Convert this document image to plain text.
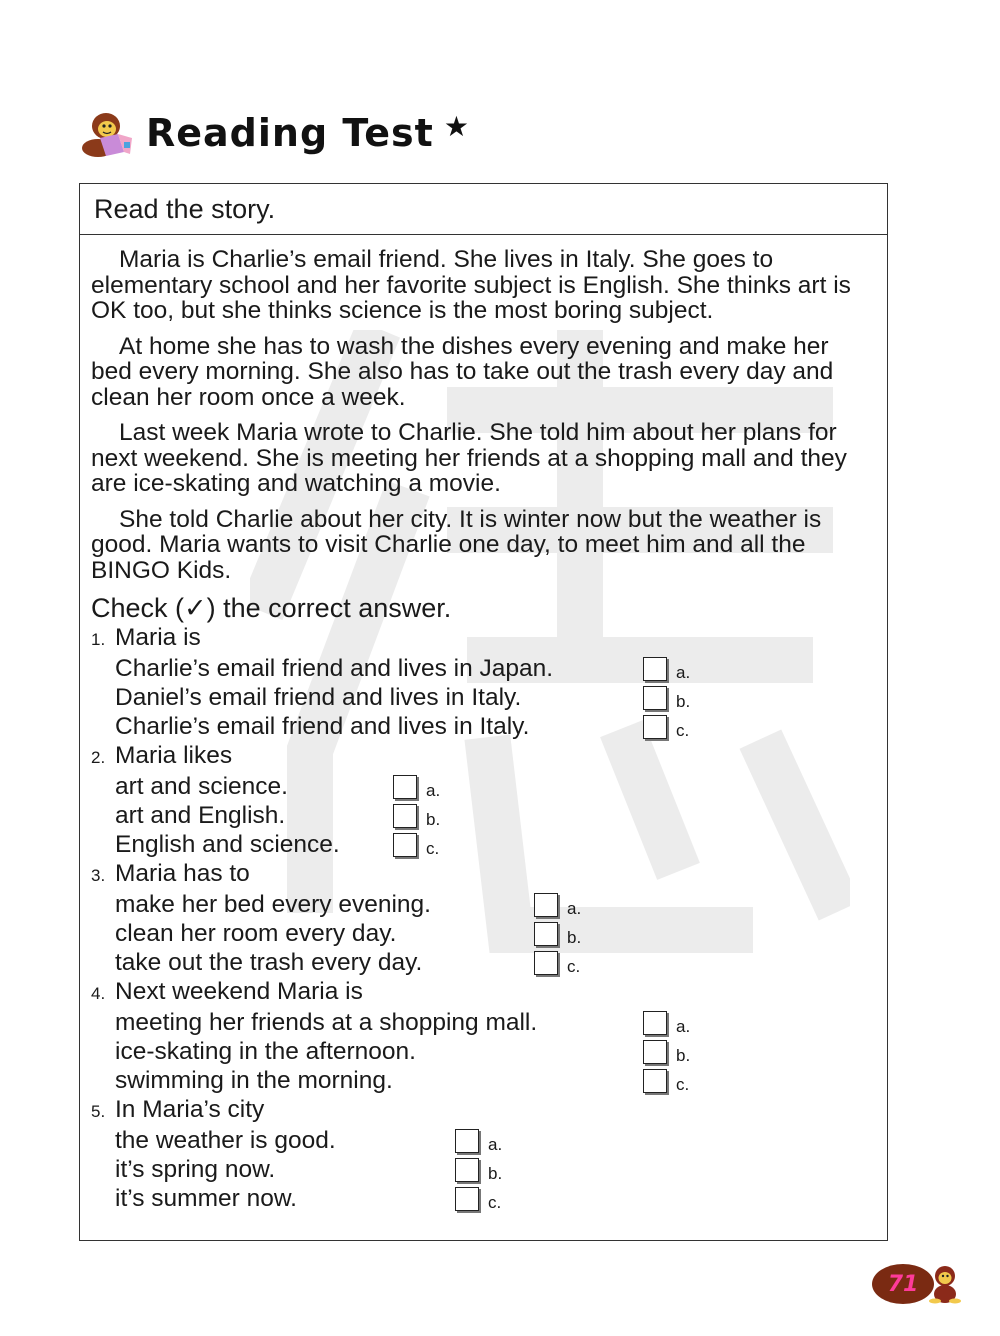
Reading Test ★
Read the story.

Maria is Charlie’s email friend. She lives in Italy. She goes to elementary school and her favorite subject is English. She thinks art is OK too, but she thinks science is the most boring subject.

At home she has to wash the dishes every evening and make her bed every morning. She also has to take out the trash every day and clean her room once a week.

Last week Maria wrote to Charlie. She told him about her plans for next weekend. She is meeting her friends at a shopping mall and they are ice-skating and watching a movie.

She told Charlie about her city. It is winter now but the weather is good. Maria wants to visit Charlie one day, to meet him and all the BINGO Kids.

Check (✓) the correct answer.
1. Maria is
Charlie’s email friend and lives in Japan.	a.
Daniel’s email friend and lives in Italy.	b.
Charlie’s email friend and lives in Italy.	c.
2. Maria likes
art and science.	a.
art and English.	b.
English and science.	c.
3. Maria has to
make her bed every evening.	a.
clean her room every day.	b.
take out the trash every day.	c.
4. Next weekend Maria is
meeting her friends at a shopping mall.	a.
ice-skating in the afternoon.	b.
swimming in the morning.	c.
5. In Maria’s city
the weather is good.	a.
it’s spring now.	b.
it’s summer now.	c.
71
